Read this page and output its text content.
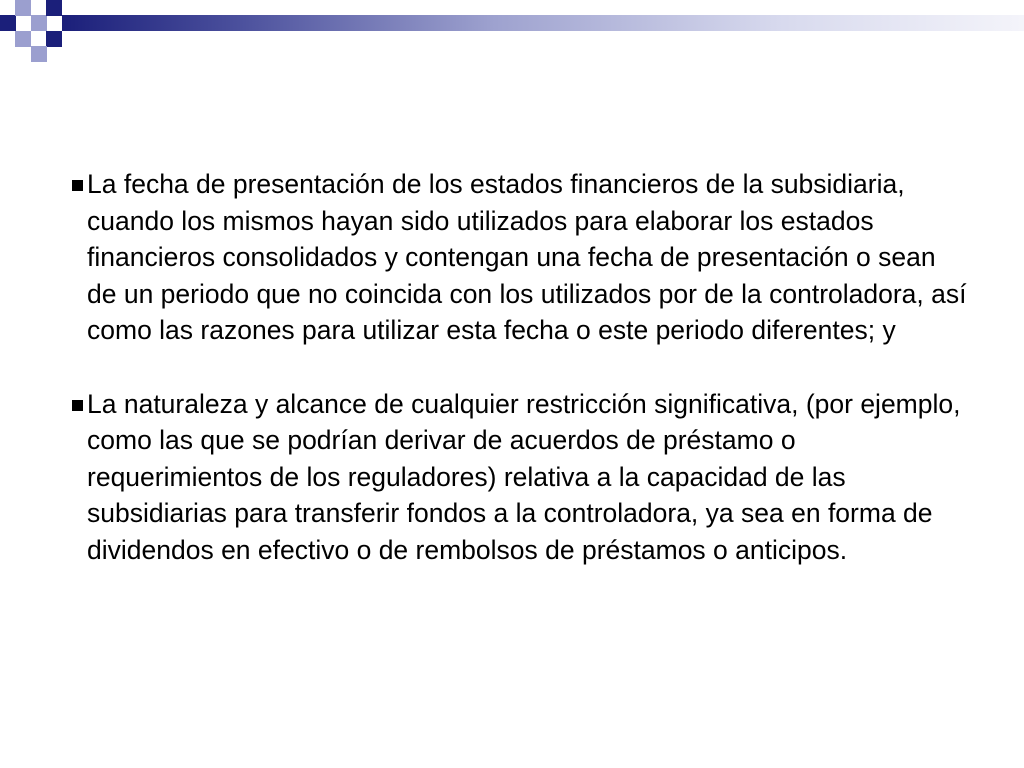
La fecha de presentación de los estados financieros de la subsidiaria, cuando los mismos hayan sido utilizados para elaborar los estados financieros consolidados y contengan una fecha de presentación o sean de un periodo que no coincida con los utilizados por de la controladora, así como las razones para utilizar esta fecha o este periodo diferentes; y
La naturaleza y alcance de cualquier restricción significativa, (por ejemplo, como las que se podrían derivar de acuerdos de préstamo o requerimientos de los reguladores) relativa a la capacidad de las subsidiarias para transferir fondos a la controladora, ya sea en forma de dividendos en efectivo o de rembolsos de préstamos o anticipos.
